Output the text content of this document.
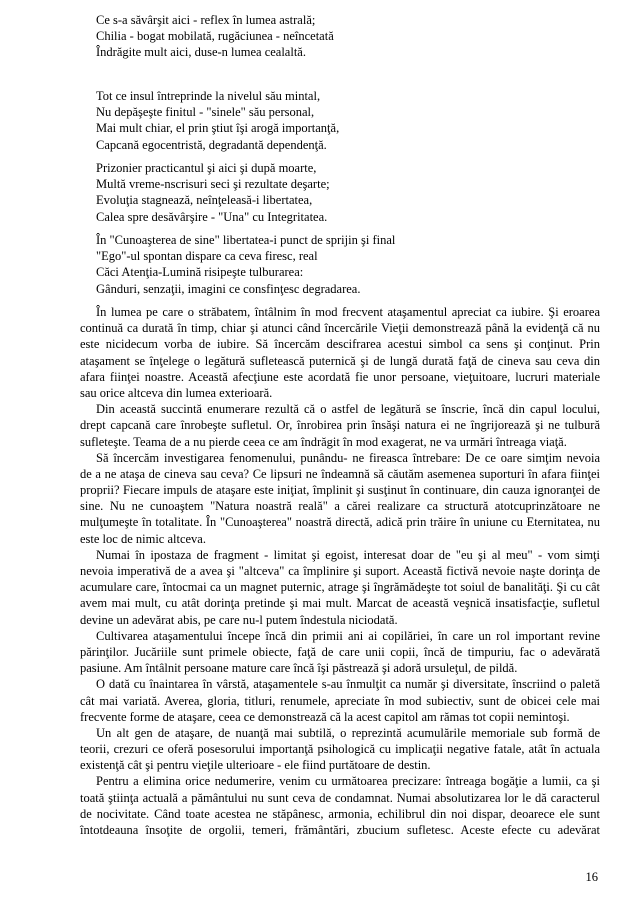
Ce s-a săvârşit aici - reflex în lumea astrală;
Chilia - bogat mobilată, rugăciunea - neîncetată
Îndrăgite mult aici, duse-n lumea cealaltă.
Tot ce insul întreprinde la nivelul său mintal,
Nu depăşeşte finitul - "sinele" său personal,
Mai mult chiar, el prin ştiut îşi arogă importanţă,
Capcană egocentristă, degradantă dependenţă.
Prizonier practicantul şi aici şi după moarte,
Multă vreme-nscrisuri seci şi rezultate deşarte;
Evoluţia stagnează, neînţeleasă-i libertatea,
Calea spre desăvârşire - "Una" cu Integritatea.
În "Cunoaşterea de sine" libertatea-i punct de sprijin şi final
"Ego"-ul spontan dispare ca ceva firesc, real
Căci Atenţia-Lumină risipeşte tulburarea:
Gânduri, senzaţii, imagini ce consfinţesc degradarea.
În lumea pe care o străbatem, întâlnim în mod frecvent ataşamentul apreciat ca iubire. Şi eroarea
continuă ca durată în timp, chiar şi atunci când încercările Vieţii demonstrează până la evidenţă că nu
este nicidecum vorba de iubire. Să încercăm descifrarea acestui simbol ca sens şi conţinut. Prin
ataşament se înţelege o legătură sufletească puternică şi de lungă durată faţă de cineva sau ceva din
afara fiinţei noastre. Această afecţiune este acordată fie unor persoane, vieţuitoare, lucruri materiale
sau orice altceva din lumea exterioară.
Din această succintă enumerare rezultă că o astfel de legătură se înscrie, încă din capul locului,
drept capcană care înrobeşte sufletul. Or, înrobirea prin însăşi natura ei ne îngrijorează şi ne tulbură
sufleteşte. Teama de a nu pierde ceea ce am îndrăgit în mod exagerat, ne va urmări întreaga viaţă.
Să încercăm investigarea fenomenului, punându- ne fireasca întrebare: De ce oare simţim nevoia
de a ne ataşa de cineva sau ceva? Ce lipsuri ne îndeamnă să căutăm asemenea suporturi în afara fiinţei
proprii? Fiecare impuls de ataşare este iniţiat, împlinit şi susţinut în continuare, din cauza ignoranţei de
sine. Nu ne cunoaştem "Natura noastră reală" a cărei realizare ca structură atotcuprinzătoare ne
mulţumeşte în totalitate. În "Cunoaşterea" noastră directă, adică prin trăire în uniune cu Eternitatea, nu
este loc de nimic altceva.
Numai în ipostaza de fragment - limitat şi egoist, interesat doar de "eu şi al meu" - vom simţi
nevoia imperativă de a avea şi "altceva" ca împlinire şi suport. Această fictivă nevoie naşte dorinţa de
acumulare care, întocmai ca un magnet puternic, atrage şi îngrămădeşte tot soiul de banalităţi. Şi cu cât
avem mai mult, cu atât dorinţa pretinde şi mai mult. Marcat de această veşnică insatisfacţie, sufletul
devine un adevărat abis, pe care nu-l putem îndestula niciodată.
Cultivarea ataşamentului începe încă din primii ani ai copilăriei, în care un rol important revine
părinţilor. Jucăriile sunt primele obiecte, faţă de care unii copii, încă de timpuriu, fac o adevărată
pasiune. Am întâlnit persoane mature care încă îşi păstrează şi adoră ursuleţul, de pildă.
O dată cu înaintarea în vârstă, ataşamentele s-au înmulţit ca număr şi diversitate, înscriind o paletă
cât mai variată. Averea, gloria, titluri, renumele, apreciate în mod subiectiv, sunt de obicei cele mai
frecvente forme de ataşare, ceea ce demonstrează că la acest capitol am rămas tot copii nemintoşi.
Un alt gen de ataşare, de nuanţă mai subtilă, o reprezintă acumulările memoriale sub formă de
teorii, crezuri ce oferă posesorului importanţă psihologică cu implicaţii negative fatale, atât în actuala
existenţă cât şi pentru vieţile ulterioare - ele fiind purtătoare de destin.
Pentru a elimina orice nedumerire, venim cu următoarea precizare: întreaga bogăţie a lumii, ca şi
toată ştiinţa actuală a pământului nu sunt ceva de condamnat. Numai absolutizarea lor le dă caracterul
de nocivitate. Când toate acestea ne stăpânesc, armonia, echilibrul din noi dispar, deoarece ele sunt
întotdeauna însoţite de orgolii, temeri, frământări, zbucium sufletesc. Aceste efecte cu adevărat
16
